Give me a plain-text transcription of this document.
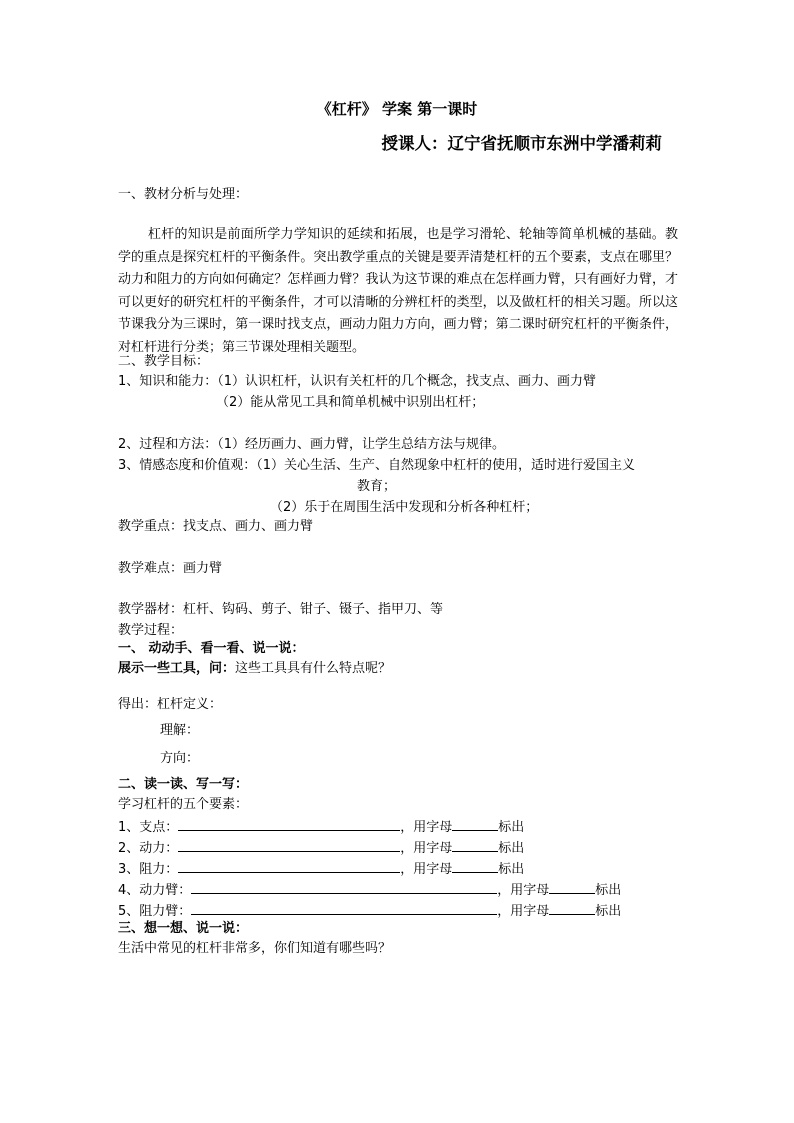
《杠杆》 学案 第一课时
授课人：辽宁省抚顺市东洲中学潘莉莉

一、教材分析与处理：

杠杆的知识是前面所学力学知识的延续和拓展，也是学习滑轮、轮轴等简单机械的基础。教学的重点是探究杠杆的平衡条件。突出教学重点的关键是要弄清楚杠杆的五个要素，支点在哪里？动力和阻力的方向如何确定？怎样画力臂？我认为这节课的难点在怎样画力臂，只有画好力臂，才可以更好的研究杠杆的平衡条件，才可以清晰的分辨杠杆的类型，以及做杠杆的相关习题。所以这节课我分为三课时，第一课时找支点，画动力阻力方向，画力臂；第二课时研究杠杆的平衡条件，对杠杆进行分类；第三节课处理相关题型。

二、教学目标：

1、知识和能力：（1）认识杠杆，认识有关杠杆的几个概念，找支点、画力、画力臂

（2）能从常见工具和简单机械中识别出杠杆；

2、过程和方法：（1）经历画力、画力臂，让学生总结方法与规律。

3、情感态度和价值观：（1）关心生活、生产、自然现象中杠杆的使用，适时进行爱国主义

教育；

（2）乐于在周围生活中发现和分析各种杠杆；

教学重点：找支点、画力、画力臂

教学难点：画力臂

教学器材：杠杆、钩码、剪子、钳子、镊子、指甲刀、等

教学过程：

一、 动动手、看一看、说一说：

展示一些工具，问：这些工具具有什么特点呢？

得出：杠杆定义：

理解：

方向：

二、读一读、写一写：

学习杠杆的五个要素：

1、支点：	，用字母	标出

2、动力：	，用字母	标出

3、阻力：	，用字母	标出

4、动力臂：	，用字母	标出

5、阻力臂：	，用字母	标出

三、想一想、说一说：

生活中常见的杠杆非常多，你们知道有哪些吗？
